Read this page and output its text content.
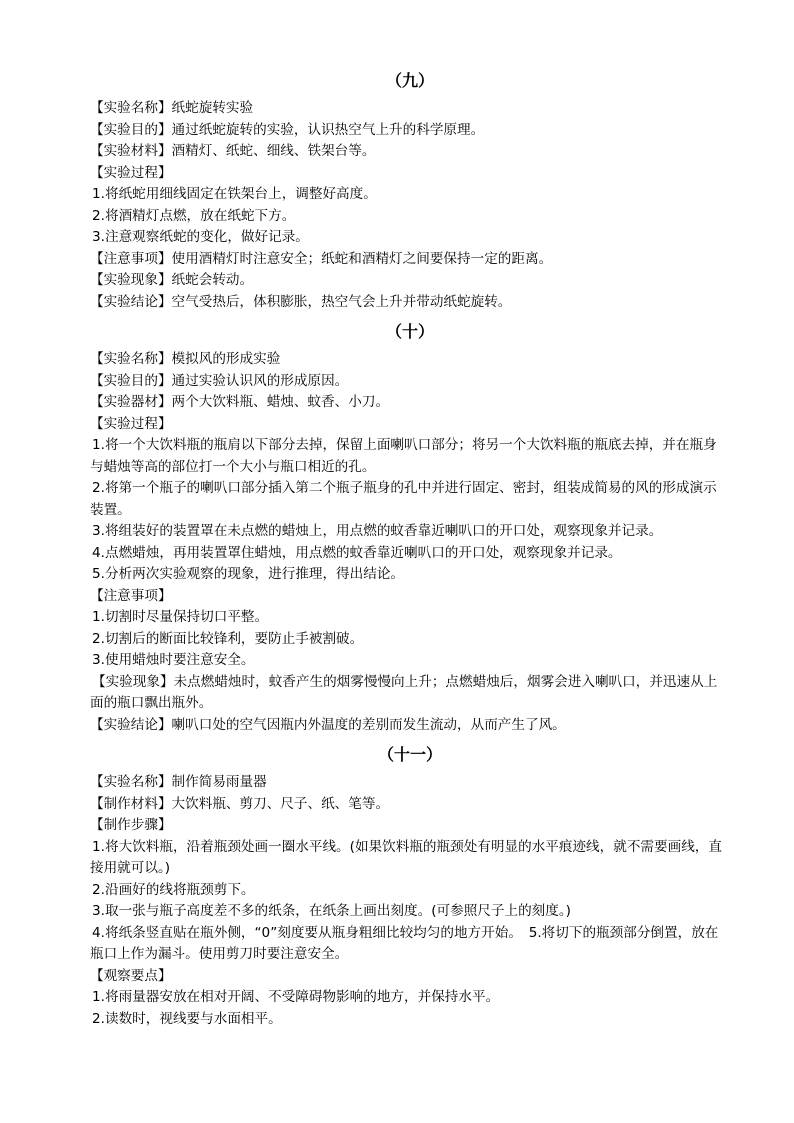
（九）
【实验名称】纸蛇旋转实验
【实验目的】通过纸蛇旋转的实验，认识热空气上升的科学原理。
【实验材料】酒精灯、纸蛇、细线、铁架台等。
【实验过程】
1.将纸蛇用细线固定在铁架台上，调整好高度。
2.将酒精灯点燃，放在纸蛇下方。
3.注意观察纸蛇的变化，做好记录。
【注意事项】使用酒精灯时注意安全；纸蛇和酒精灯之间要保持一定的距离。
【实验现象】纸蛇会转动。
【实验结论】空气受热后，体积膨胀，热空气会上升并带动纸蛇旋转。
（十）
【实验名称】模拟风的形成实验
【实验目的】通过实验认识风的形成原因。
【实验器材】两个大饮料瓶、蜡烛、蚊香、小刀。
【实验过程】
1.将一个大饮料瓶的瓶肩以下部分去掉，保留上面喇叭口部分；将另一个大饮料瓶的瓶底去掉，并在瓶身与蜡烛等高的部位打一个大小与瓶口相近的孔。
2.将第一个瓶子的喇叭口部分插入第二个瓶子瓶身的孔中并进行固定、密封，组装成简易的风的形成演示装置。
3.将组装好的装置罩在未点燃的蜡烛上，用点燃的蚊香靠近喇叭口的开口处，观察现象并记录。
4.点燃蜡烛，再用装置罩住蜡烛，用点燃的蚊香靠近喇叭口的开口处，观察现象并记录。
5.分析两次实验观察的现象，进行推理，得出结论。
【注意事项】
1.切割时尽量保持切口平整。
2.切割后的断面比较锋利，要防止手被割破。
3.使用蜡烛时要注意安全。
【实验现象】未点燃蜡烛时，蚊香产生的烟雾慢慢向上升；点燃蜡烛后，烟雾会进入喇叭口，并迅速从上面的瓶口飘出瓶外。
【实验结论】喇叭口处的空气因瓶内外温度的差别而发生流动，从而产生了风。
（十一）
【实验名称】制作简易雨量器
【制作材料】大饮料瓶、剪刀、尺子、纸、笔等。
【制作步骤】
1.将大饮料瓶，沿着瓶颈处画一圈水平线。(如果饮料瓶的瓶颈处有明显的水平痕迹线，就不需要画线，直接用就可以。)
2.沿画好的线将瓶颈剪下。
3.取一张与瓶子高度差不多的纸条，在纸条上画出刻度。(可参照尺子上的刻度。)
4.将纸条竖直贴在瓶外侧，“0”刻度要从瓶身粗细比较均匀的地方开始。　5.将切下的瓶颈部分倒置，放在瓶口上作为漏斗。使用剪刀时要注意安全。
【观察要点】
1.将雨量器安放在相对开阔、不受障碍物影响的地方，并保持水平。
2.读数时，视线要与水面相平。
